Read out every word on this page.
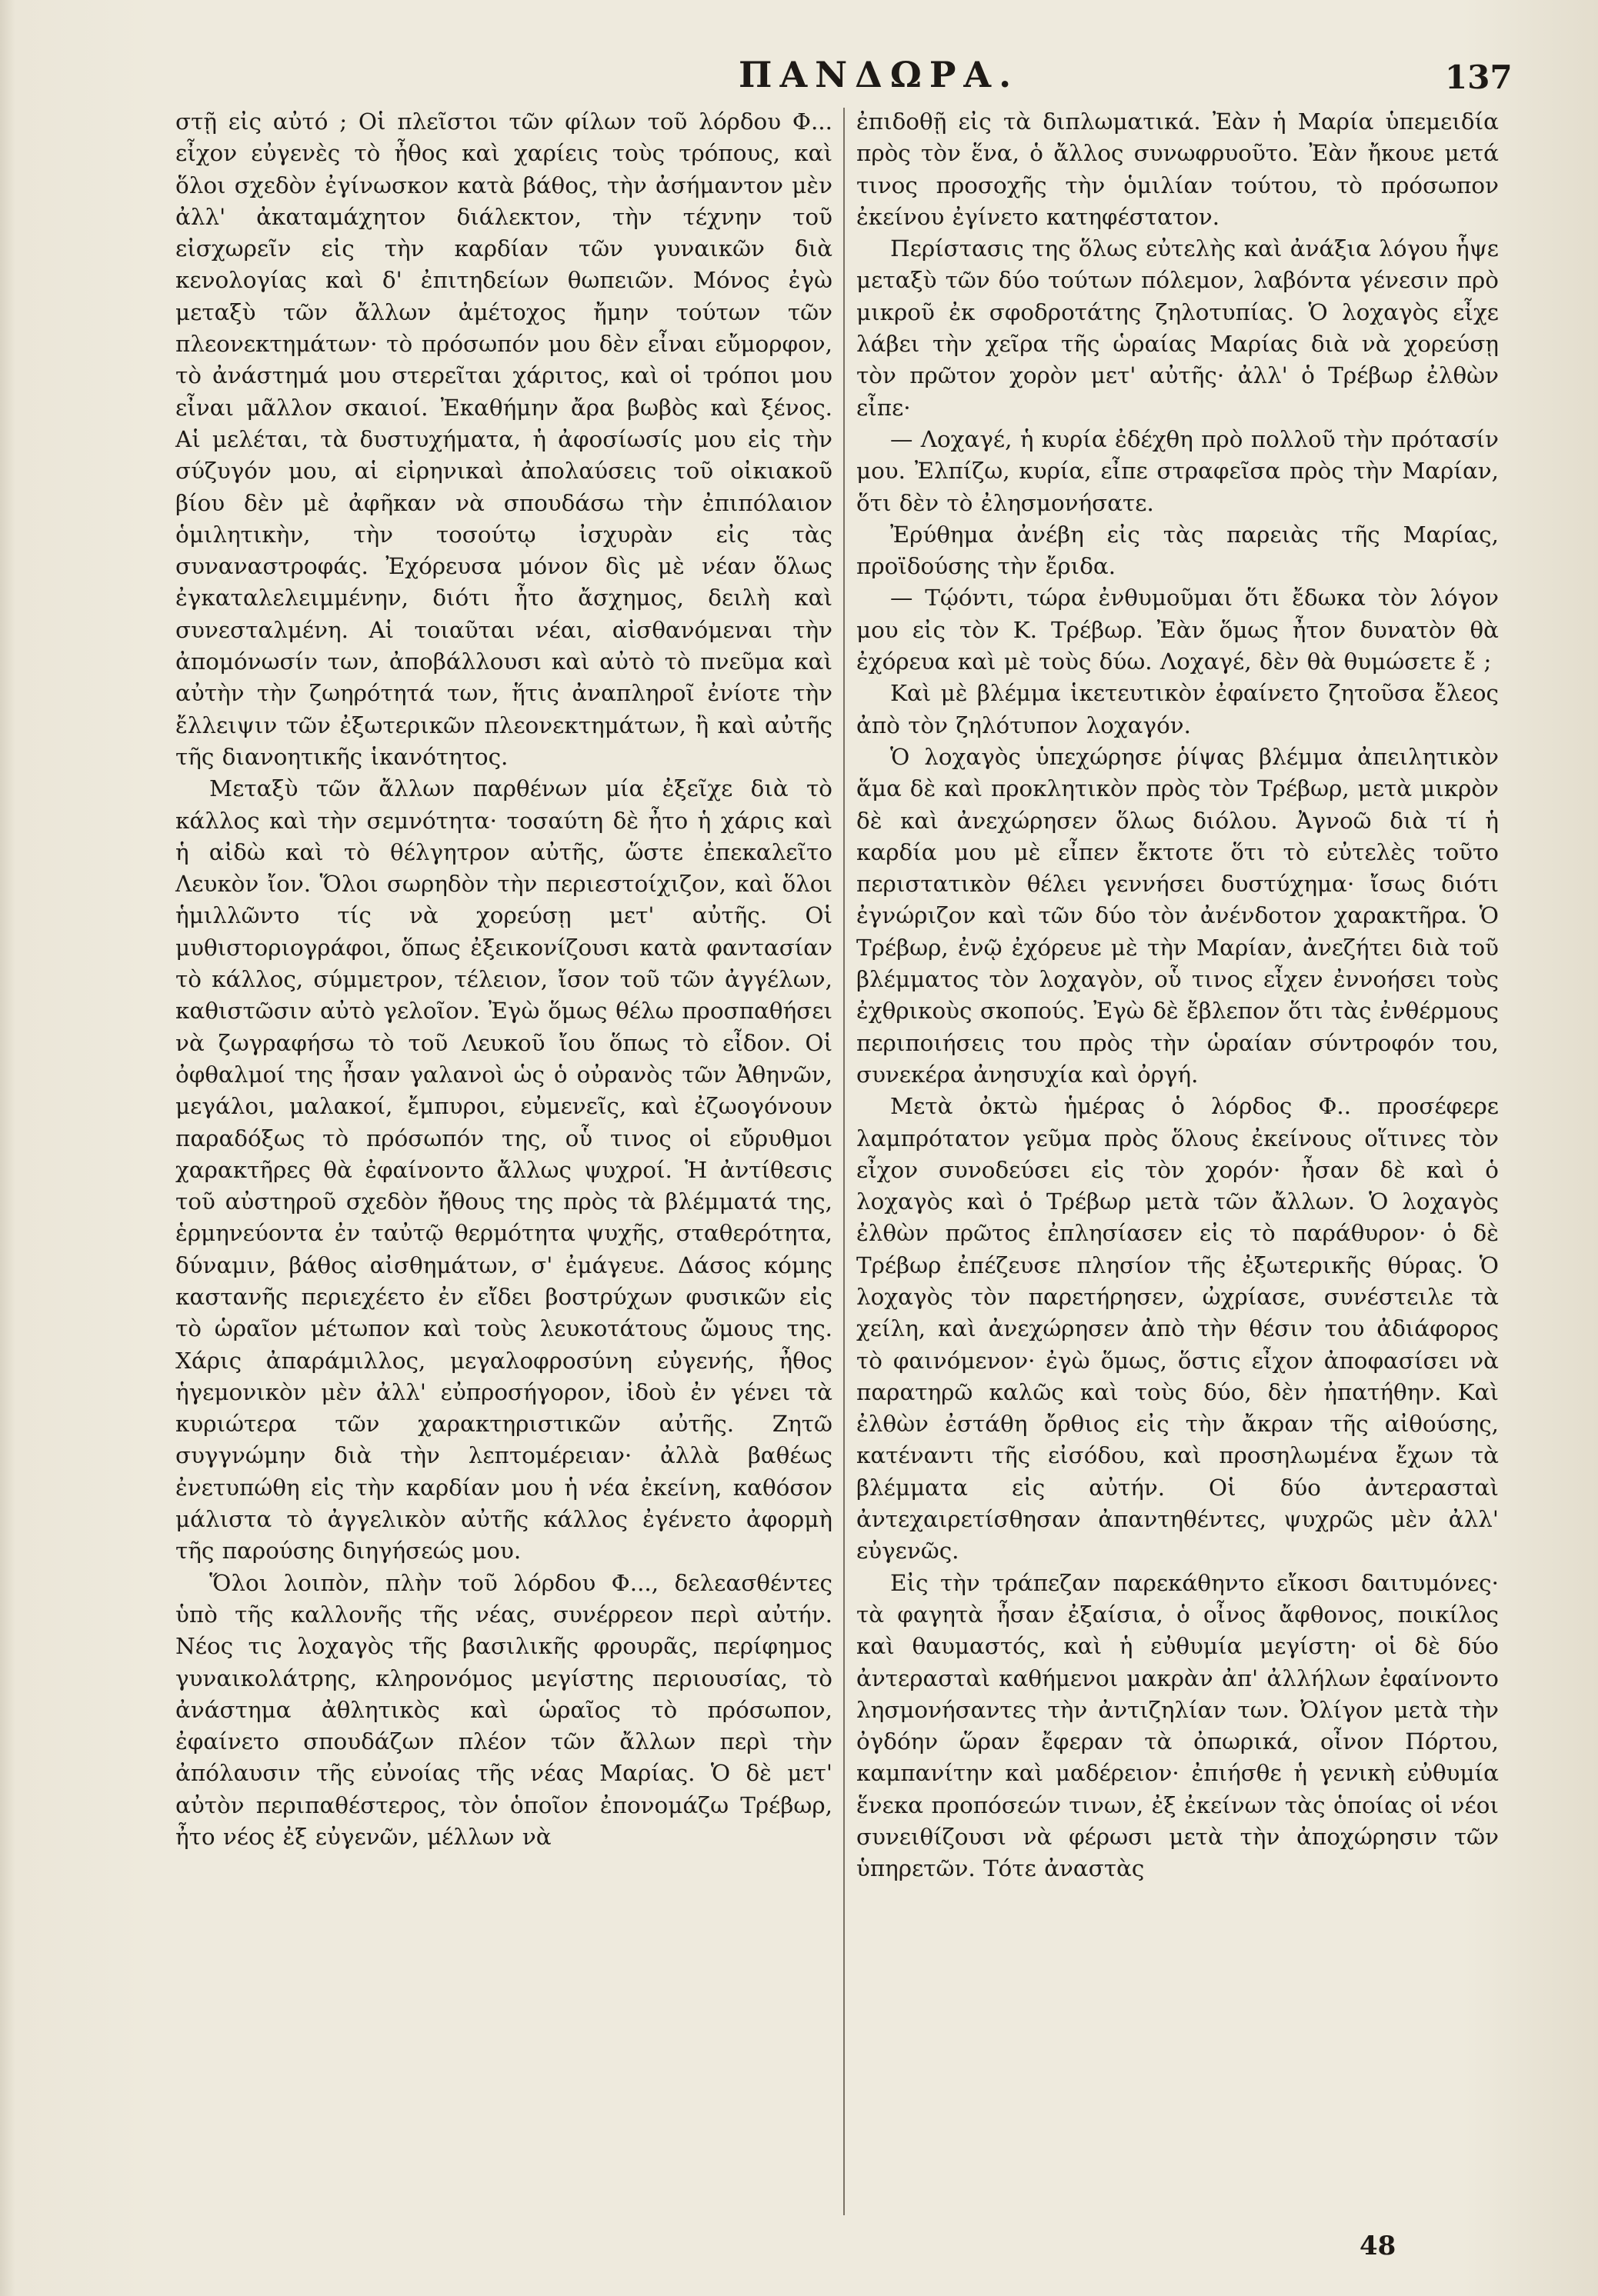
ΠΑΝΔΩΡΑ.	137

στῇ εἰς αὐτό ; Οἱ πλεῖστοι τῶν φίλων τοῦ λόρδου Φ... εἶχον εὐγενὲς τὸ ἦθος καὶ χαρίεις τοὺς τρόπους, καὶ ὅλοι σχεδὸν ἐγίνωσκον κατὰ βάθος, τὴν ἀσήμαντον μὲν ἀλλ' ἀκαταμάχητον διάλεκτον, τὴν τέχνην τοῦ εἰσχωρεῖν εἰς τὴν καρδίαν τῶν γυναικῶν διὰ κενολογίας καὶ δ' ἐπιτηδείων θωπειῶν. Μόνος ἐγὼ μεταξὺ τῶν ἄλλων ἀμέτοχος ἤμην τούτων τῶν πλεονεκτημάτων· τὸ πρόσωπόν μου δὲν εἶναι εὔμορφον, τὸ ἀνάστημά μου στερεῖται χάριτος, καὶ οἱ τρόποι μου εἶναι μᾶλλον σκαιοί. Ἐκαθήμην ἄρα βωβὸς καὶ ξένος. Αἱ μελέται, τὰ δυστυχήματα, ἡ ἀφοσίωσίς μου εἰς τὴν σύζυγόν μου, αἱ εἰρηνικαὶ ἀπολαύσεις τοῦ οἰκιακοῦ βίου δὲν μὲ ἀφῆκαν νὰ σπουδάσω τὴν ἐπιπόλαιον ὁμιλητικὴν, τὴν τοσούτῳ ἰσχυρὰν εἰς τὰς συναναστροφάς. Ἐχόρευσα μόνον δὶς μὲ νέαν ὅλως ἐγκαταλελειμμένην, διότι ἦτο ἄσχημος, δειλὴ καὶ συνεσταλμένη. Αἱ τοιαῦται νέαι, αἰσθανόμεναι τὴν ἀπομόνωσίν των, ἀποβάλλουσι καὶ αὐτὸ τὸ πνεῦμα καὶ αὐτὴν τὴν ζωηρότητά των, ἥτις ἀναπληροῖ ἐνίοτε τὴν ἔλλειψιν τῶν ἐξωτερικῶν πλεονεκτημάτων, ἢ καὶ αὐτῆς τῆς διανοητικῆς ἱκανότητος.

Μεταξὺ τῶν ἄλλων παρθένων μία ἐξεῖχε διὰ τὸ κάλλος καὶ τὴν σεμνότητα· τοσαύτη δὲ ἦτο ἡ χάρις καὶ ἡ αἰδὼ καὶ τὸ θέλγητρον αὐτῆς, ὥστε ἐπεκαλεῖτο Λευκὸν ἴον. Ὅλοι σωρηδὸν τὴν περιεστοίχιζον, καὶ ὅλοι ἡμιλλῶντο τίς νὰ χορεύσῃ μετ' αὐτῆς. Οἱ μυθιστοριογράφοι, ὅπως ἐξεικονίζουσι κατὰ φαντασίαν τὸ κάλλος, σύμμετρον, τέλειον, ἴσον τοῦ τῶν ἀγγέλων, καθιστῶσιν αὐτὸ γελοῖον. Ἐγὼ ὅμως θέλω προσπαθήσει νὰ ζωγραφήσω τὸ τοῦ Λευκοῦ ἴου ὅπως τὸ εἶδον. Οἱ ὀφθαλμοί της ἦσαν γαλανοὶ ὡς ὁ οὐρανὸς τῶν Ἀθηνῶν, μεγάλοι, μαλακοί, ἔμπυροι, εὐμενεῖς, καὶ ἐζωογόνουν παραδόξως τὸ πρόσωπόν της, οὗ τινος οἱ εὔρυθμοι χαρακτῆρες θὰ ἐφαίνοντο ἄλλως ψυχροί. Ἡ ἀντίθεσις τοῦ αὐστηροῦ σχεδὸν ἤθους της πρὸς τὰ βλέμματά της, ἑρμηνεύοντα ἐν ταὐτῷ θερμότητα ψυχῆς, σταθερότητα, δύναμιν, βάθος αἰσθημάτων, σ' ἐμάγευε. Δάσος κόμης καστανῆς περιεχέετο ἐν εἴδει βοστρύχων φυσικῶν εἰς τὸ ὡραῖον μέτωπον καὶ τοὺς λευκοτάτους ὤμους της. Χάρις ἀπαράμιλλος, μεγαλοφροσύνη εὐγενής, ἦθος ἡγεμονικὸν μὲν ἀλλ' εὐπροσήγορον, ἰδοὺ ἐν γένει τὰ κυριώτερα τῶν χαρακτηριστικῶν αὐτῆς. Ζητῶ συγγνώμην διὰ τὴν λεπτομέρειαν· ἀλλὰ βαθέως ἐνετυπώθη εἰς τὴν καρδίαν μου ἡ νέα ἐκείνη, καθόσον μάλιστα τὸ ἀγγελικὸν αὐτῆς κάλλος ἐγένετο ἀφορμὴ τῆς παρούσης διηγήσεώς μου.

Ὅλοι λοιπὸν, πλὴν τοῦ λόρδου Φ..., δελεασθέντες ὑπὸ τῆς καλλονῆς τῆς νέας, συνέρρεον περὶ αὐτήν. Νέος τις λοχαγὸς τῆς βασιλικῆς φρουρᾶς, περίφημος γυναικολάτρης, κληρονόμος μεγίστης περιουσίας, τὸ ἀνάστημα ἀθλητικὸς καὶ ὡραῖος τὸ πρόσωπον, ἐφαίνετο σπουδάζων πλέον τῶν ἄλλων περὶ τὴν ἀπόλαυσιν τῆς εὐνοίας τῆς νέας Μαρίας. Ὁ δὲ μετ' αὐτὸν περιπαθέστερος, τὸν ὁποῖον ἐπονομάζω Τρέβωρ, ἦτο νέος ἐξ εὐγενῶν, μέλλων νὰ

ἐπιδοθῇ εἰς τὰ διπλωματικά. Ἐὰν ἡ Μαρία ὑπεμειδία πρὸς τὸν ἕνα, ὁ ἄλλος συνωφρυοῦτο. Ἐὰν ἤκουε μετά τινος προσοχῆς τὴν ὁμιλίαν τούτου, τὸ πρόσωπον ἐκείνου ἐγίνετο κατηφέστατον.

Περίστασις της ὅλως εὐτελὴς καὶ ἀνάξια λόγου ἧψε μεταξὺ τῶν δύο τούτων πόλεμον, λαβόντα γένεσιν πρὸ μικροῦ ἐκ σφοδροτάτης ζηλοτυπίας. Ὁ λοχαγὸς εἶχε λάβει τὴν χεῖρα τῆς ὡραίας Μαρίας διὰ νὰ χορεύσῃ τὸν πρῶτον χορὸν μετ' αὐτῆς· ἀλλ' ὁ Τρέβωρ ἐλθὼν εἶπε·

— Λοχαγέ, ἡ κυρία ἐδέχθη πρὸ πολλοῦ τὴν πρότασίν μου. Ἐλπίζω, κυρία, εἶπε στραφεῖσα πρὸς τὴν Μαρίαν, ὅτι δὲν τὸ ἐλησμονήσατε.

Ἐρύθημα ἀνέβη εἰς τὰς παρειὰς τῆς Μαρίας, προϊδούσης τὴν ἔριδα.

— Τῴόντι, τώρα ἐνθυμοῦμαι ὅτι ἔδωκα τὸν λόγον μου εἰς τὸν Κ. Τρέβωρ. Ἐὰν ὅμως ἦτον δυνατὸν θὰ ἐχόρευα καὶ μὲ τοὺς δύω. Λοχαγέ, δὲν θὰ θυμώσετε ἔ ;

Καὶ μὲ βλέμμα ἱκετευτικὸν ἐφαίνετο ζητοῦσα ἔλεος ἀπὸ τὸν ζηλότυπον λοχαγόν.

Ὁ λοχαγὸς ὑπεχώρησε ῥίψας βλέμμα ἀπειλητικὸν ἅμα δὲ καὶ προκλητικὸν πρὸς τὸν Τρέβωρ, μετὰ μικρὸν δὲ καὶ ἀνεχώρησεν ὅλως διόλου. Ἀγνοῶ διὰ τί ἡ καρδία μου μὲ εἶπεν ἔκτοτε ὅτι τὸ εὐτελὲς τοῦτο περιστατικὸν θέλει γεννήσει δυστύχημα· ἴσως διότι ἐγνώριζον καὶ τῶν δύο τὸν ἀνένδοτον χαρακτῆρα. Ὁ Τρέβωρ, ἐνῷ ἐχόρευε μὲ τὴν Μαρίαν, ἀνεζήτει διὰ τοῦ βλέμματος τὸν λοχαγὸν, οὗ τινος εἶχεν ἐννοήσει τοὺς ἐχθρικοὺς σκοπούς. Ἐγὼ δὲ ἔβλεπον ὅτι τὰς ἐνθέρμους περιποιήσεις του πρὸς τὴν ὡραίαν σύντροφόν του, συνεκέρα ἀνησυχία καὶ ὀργή.

Μετὰ ὀκτὼ ἡμέρας ὁ λόρδος Φ.. προσέφερε λαμπρότατον γεῦμα πρὸς ὅλους ἐκείνους οἵτινες τὸν εἶχον συνοδεύσει εἰς τὸν χορόν· ἦσαν δὲ καὶ ὁ λοχαγὸς καὶ ὁ Τρέβωρ μετὰ τῶν ἄλλων. Ὁ λοχαγὸς ἐλθὼν πρῶτος ἐπλησίασεν εἰς τὸ παράθυρον· ὁ δὲ Τρέβωρ ἐπέζευσε πλησίον τῆς ἐξωτερικῆς θύρας. Ὁ λοχαγὸς τὸν παρετήρησεν, ὠχρίασε, συνέστειλε τὰ χείλη, καὶ ἀνεχώρησεν ἀπὸ τὴν θέσιν του ἀδιάφορος τὸ φαινόμενον· ἐγὼ ὅμως, ὅστις εἶχον ἀποφασίσει νὰ παρατηρῶ καλῶς καὶ τοὺς δύο, δὲν ἠπατήθην. Καὶ ἐλθὼν ἐστάθη ὄρθιος εἰς τὴν ἄκραν τῆς αἰθούσης, κατέναντι τῆς εἰσόδου, καὶ προσηλωμένα ἔχων τὰ βλέμματα εἰς αὐτήν. Οἱ δύο ἀντερασταὶ ἀντεχαιρετίσθησαν ἀπαντηθέντες, ψυχρῶς μὲν ἀλλ' εὐγενῶς.

Εἰς τὴν τράπεζαν παρεκάθηντο εἴκοσι δαιτυμόνες· τὰ φαγητὰ ἦσαν ἐξαίσια, ὁ οἶνος ἄφθονος, ποικίλος καὶ θαυμαστός, καὶ ἡ εὐθυμία μεγίστη· οἱ δὲ δύο ἀντερασταὶ καθήμενοι μακρὰν ἀπ' ἀλλήλων ἐφαίνοντο λησμονήσαντες τὴν ἀντιζηλίαν των. Ὀλίγον μετὰ τὴν ὀγδόην ὥραν ἔφεραν τὰ ὀπωρικά, οἶνον Πόρτου, καμπανίτην καὶ μαδέρειον· ἐπιήσθε ἡ γενικὴ εὐθυμία ἕνεκα προπόσεών τινων, ἐξ ἐκείνων τὰς ὁποίας οἱ νέοι συνειθίζουσι νὰ φέρωσι μετὰ τὴν ἀποχώρησιν τῶν ὑπηρετῶν. Τότε ἀναστὰς

48
